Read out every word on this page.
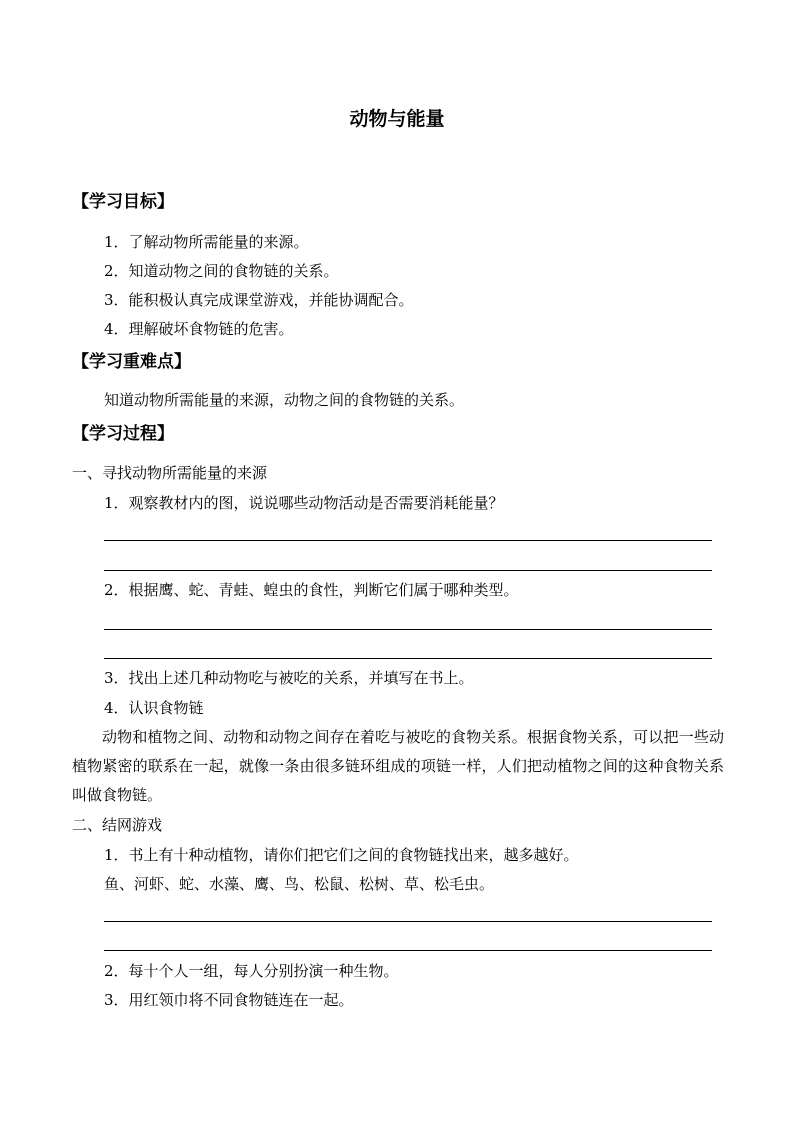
动物与能量
【学习目标】
1．了解动物所需能量的来源。
2．知道动物之间的食物链的关系。
3．能积极认真完成课堂游戏，并能协调配合。
4．理解破坏食物链的危害。
【学习重难点】
知道动物所需能量的来源，动物之间的食物链的关系。
【学习过程】
一、寻找动物所需能量的来源
1．观察教材内的图，说说哪些动物活动是否需要消耗能量？
2．根据鹰、蛇、青蛙、蝗虫的食性，判断它们属于哪种类型。
3．找出上述几种动物吃与被吃的关系，并填写在书上。
4．认识食物链
动物和植物之间、动物和动物之间存在着吃与被吃的食物关系。根据食物关系，可以把一些动植物紧密的联系在一起，就像一条由很多链环组成的项链一样，人们把动植物之间的这种食物关系叫做食物链。
二、结网游戏
1．书上有十种动植物，请你们把它们之间的食物链找出来，越多越好。
鱼、河虾、蛇、水藻、鹰、鸟、松鼠、松树、草、松毛虫。
2．每十个人一组，每人分别扮演一种生物。
3．用红领巾将不同食物链连在一起。
